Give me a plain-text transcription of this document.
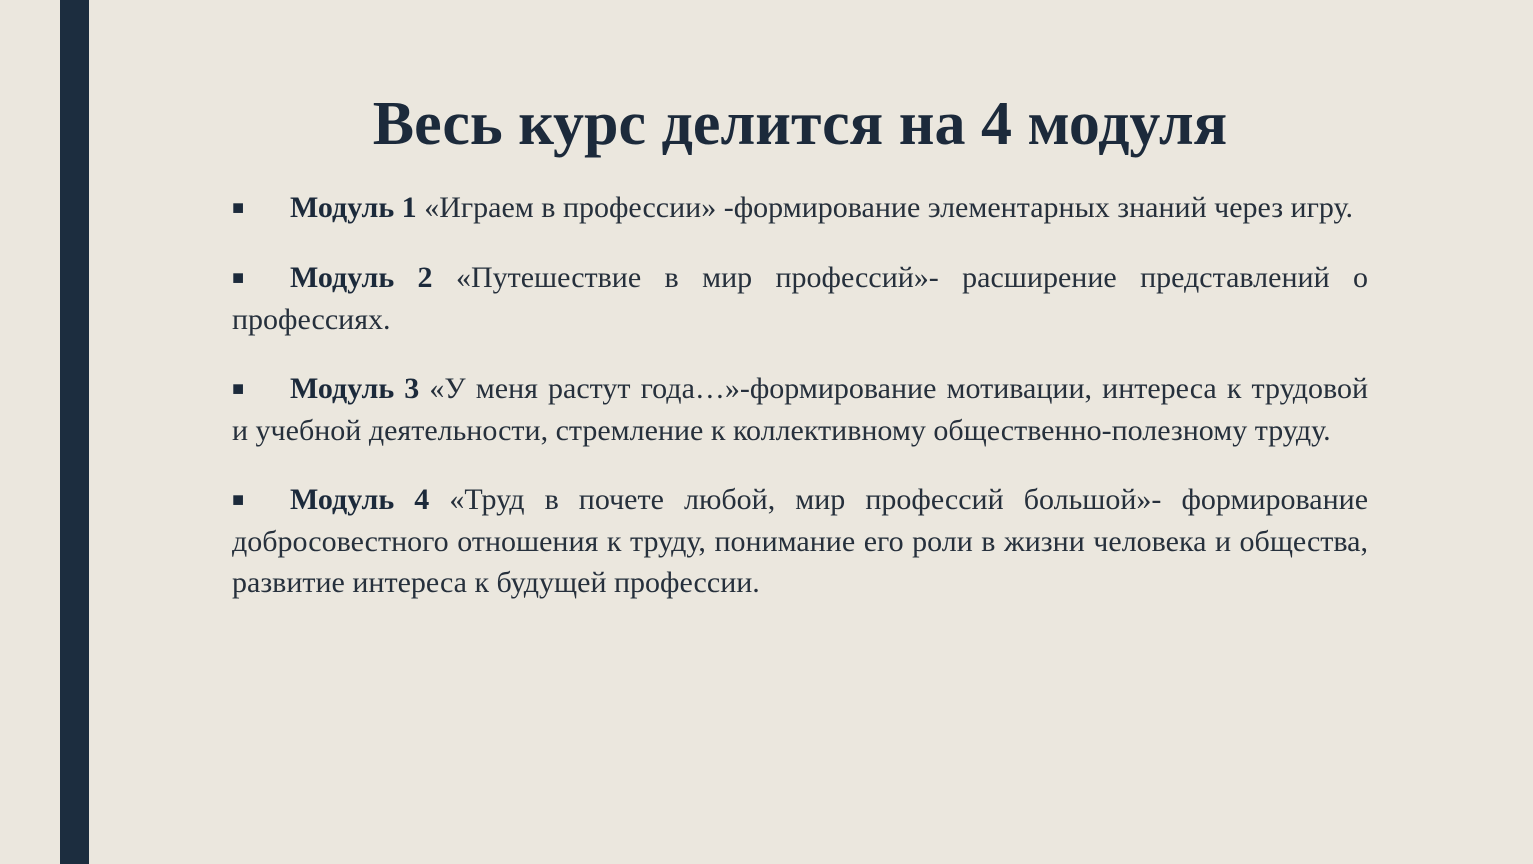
Весь курс делится на 4 модуля
■ Модуль 1 «Играем в профессии» -формирование элементарных знаний через игру.
■ Модуль 2 «Путешествие в мир профессий»- расширение представлений о профессиях.
■ Модуль 3 «У меня растут года…»-формирование мотивации, интереса к трудовой и учебной деятельности, стремление к коллективному общественно-полезному труду.
■ Модуль 4 «Труд в почете любой, мир профессий большой»- формирование добросовестного отношения к труду, понимание его роли в жизни человека и общества, развитие интереса к будущей профессии.
